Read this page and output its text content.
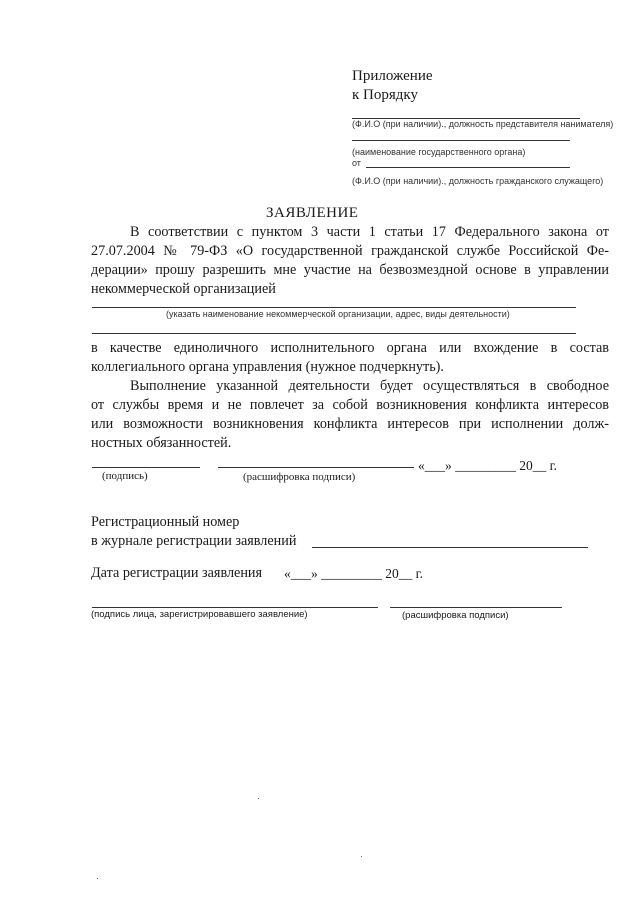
Приложение
к Порядку
(Ф.И.О (при наличии)., должность представителя нанимателя)
(наименование государственного органа)
от
(Ф.И.О (при наличии)., должность гражданского служащего)
ЗАЯВЛЕНИЕ
В соответствии с пунктом 3 части 1 статьи 17 Федерального закона от
27.07.2004 № 79-ФЗ «О государственной гражданской службе Российской Фе-
дерации» прошу разрешить мне участие на безвозмездной основе в управлении
некоммерческой организацией
(указать наименование некоммерческой организации, адрес, виды деятельности)
в качестве единоличного исполнительного органа или вхождение в состав
коллегиального органа управления (нужное подчеркнуть).
Выполнение указанной деятельности будет осуществляться в свободное
от службы время и не повлечет за собой возникновения конфликта интересов
или возможности возникновения конфликта интересов при исполнении долж-
ностных обязанностей.
«___» _________ 20__ г.
(подпись)	(расшифровка подписи)
Регистрационный номер
в журнале регистрации заявлений
Дата регистрации заявления «___» _________ 20__ г.
(подпись лица, зарегистрировавшего заявление)	(расшифровка подписи)
